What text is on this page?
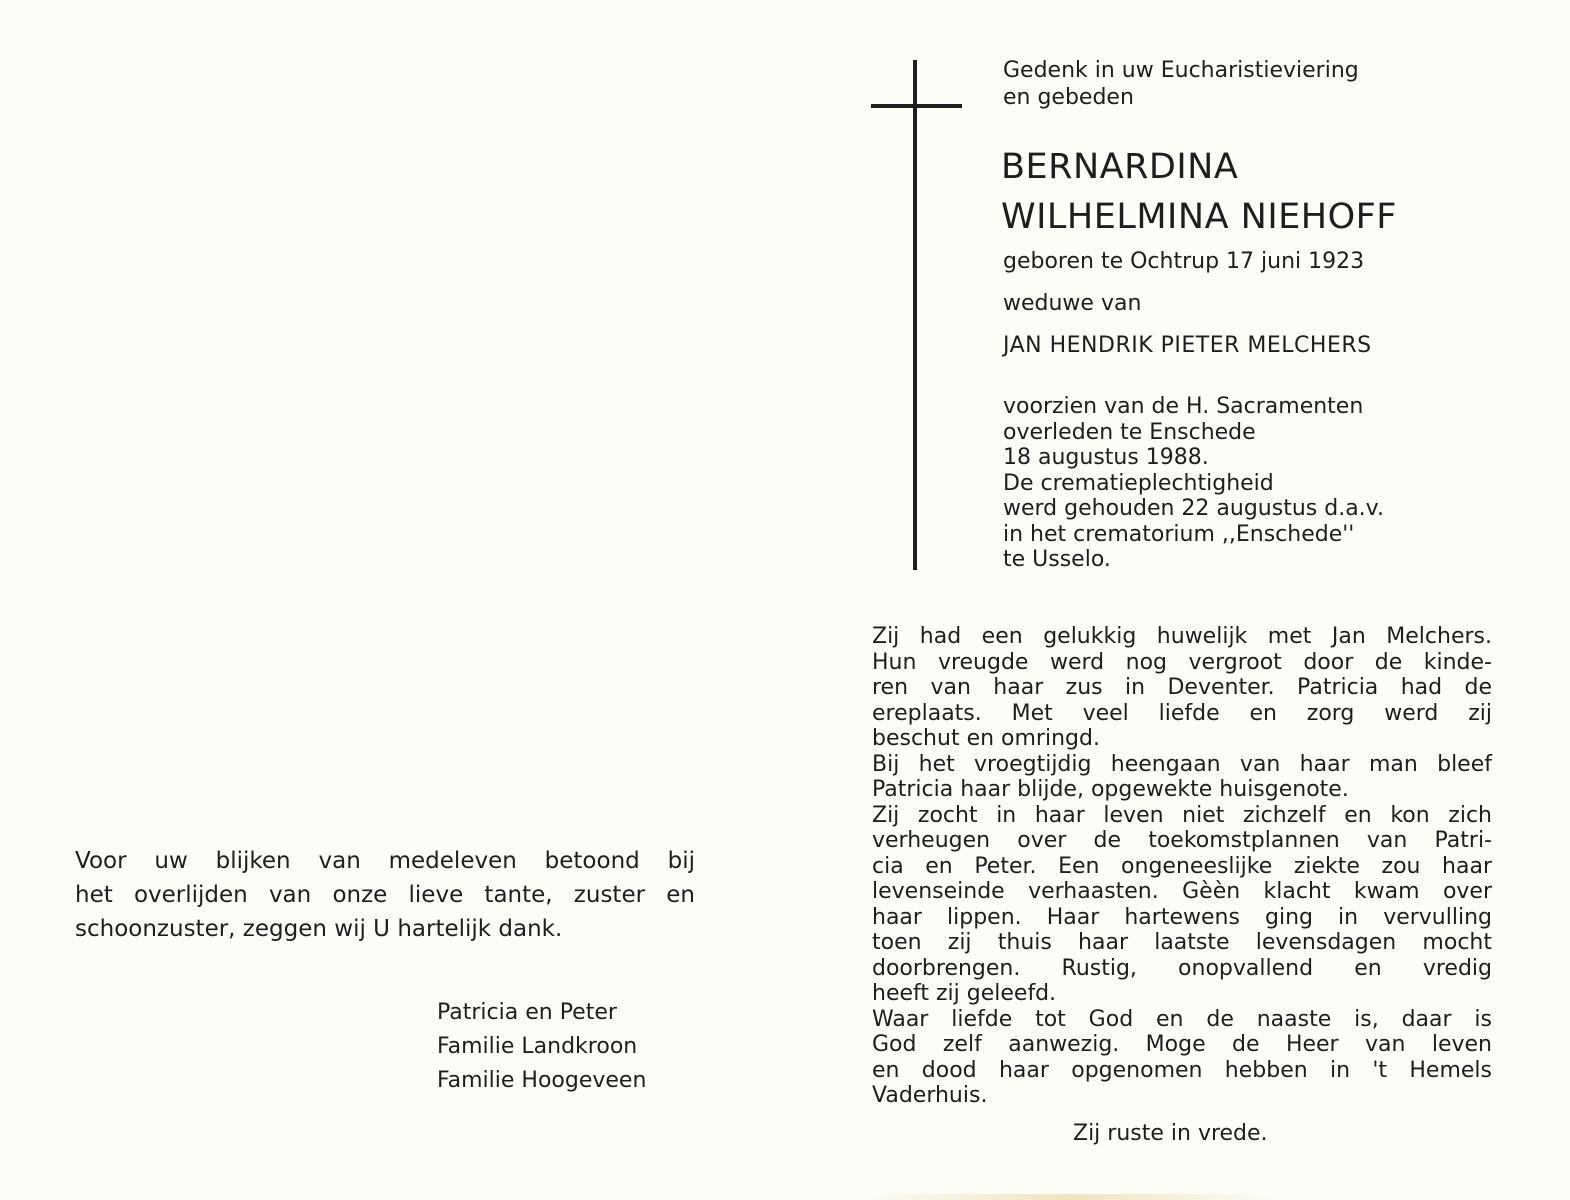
Voor uw blijken van medeleven betoond bij
het overlijden van onze lieve tante, zuster en
schoonzuster, zeggen wij U hartelijk dank.
Patricia en Peter
Familie Landkroon
Familie Hoogeveen
Gedenk in uw Eucharistieviering
en gebeden
BERNARDINA
WILHELMINA NIEHOFF
geboren te Ochtrup 17 juni 1923
weduwe van
JAN HENDRIK PIETER MELCHERS
voorzien van de H. Sacramenten
overleden te Enschede
18 augustus 1988.
De crematieplechtigheid
werd gehouden 22 augustus d.a.v.
in het crematorium ,,Enschede''
te Usselo.
Zij had een gelukkig huwelijk met Jan Melchers.
Hun vreugde werd nog vergroot door de kinde-
ren van haar zus in Deventer. Patricia had de
ereplaats. Met veel liefde en zorg werd zij
beschut en omringd.
Bij het vroegtijdig heengaan van haar man bleef
Patricia haar blijde, opgewekte huisgenote.
Zij zocht in haar leven niet zichzelf en kon zich
verheugen over de toekomstplannen van Patri-
cia en Peter. Een ongeneeslijke ziekte zou haar
levenseinde verhaasten. Gèèn klacht kwam over
haar lippen. Haar hartewens ging in vervulling
toen zij thuis haar laatste levensdagen mocht
doorbrengen. Rustig, onopvallend en vredig
heeft zij geleefd.
Waar liefde tot God en de naaste is, daar is
God zelf aanwezig. Moge de Heer van leven
en dood haar opgenomen hebben in 't Hemels
Vaderhuis.
Zij ruste in vrede.
